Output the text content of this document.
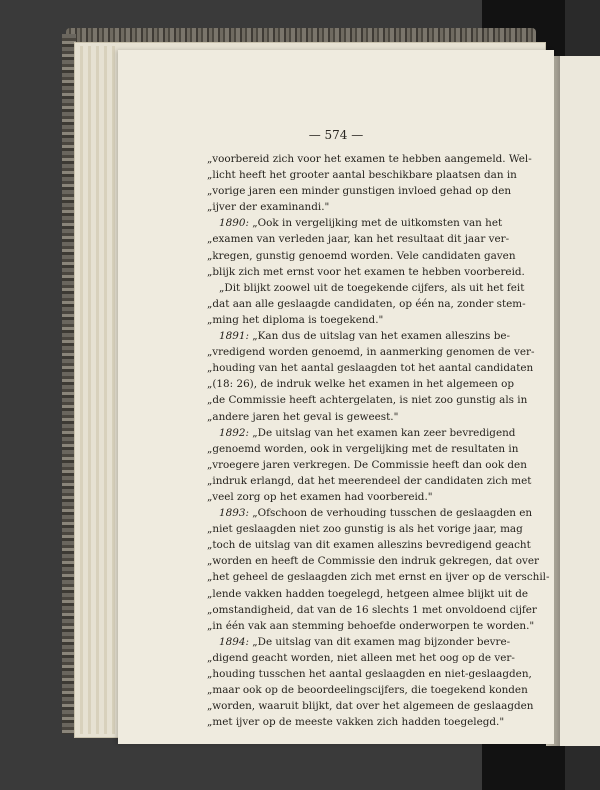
— 574 —
„voorbereid zich voor het examen te hebben aangemeld. Wel-
„licht heeft het grooter aantal beschikbare plaatsen dan in
„vorige jaren een minder gunstigen invloed gehad op den
„ijver der examinandi."
1890: „Ook in vergelijking met de uitkomsten van het
„examen van verleden jaar, kan het resultaat dit jaar ver-
„kregen, gunstig genoemd worden. Vele candidaten gaven
„blijk zich met ernst voor het examen te hebben voorbereid.
„Dit blijkt zoowel uit de toegekende cijfers, als uit het feit
„dat aan alle geslaagde candidaten, op één na, zonder stem-
„ming het diploma is toegekend."
1891: „Kan dus de uitslag van het examen alleszins be-
„vredigend worden genoemd, in aanmerking genomen de ver-
„houding van het aantal geslaagden tot het aantal candidaten
„(18: 26), de indruk welke het examen in het algemeen op
„de Commissie heeft achtergelaten, is niet zoo gunstig als in
„andere jaren het geval is geweest."
1892: „De uitslag van het examen kan zeer bevredigend
„genoemd worden, ook in vergelijking met de resultaten in
„vroegere jaren verkregen. De Commissie heeft dan ook den
„indruk erlangd, dat het meerendeel der candidaten zich met
„veel zorg op het examen had voorbereid."
1893: „Ofschoon de verhouding tusschen de geslaagden en
„niet geslaagden niet zoo gunstig is als het vorige jaar, mag
„toch de uitslag van dit examen alleszins bevredigend geacht
„worden en heeft de Commissie den indruk gekregen, dat over
„het geheel de geslaagden zich met ernst en ijver op de verschil-
„lende vakken hadden toegelegd, hetgeen almee blijkt uit de
„omstandigheid, dat van de 16 slechts 1 met onvoldoend cijfer
„in één vak aan stemming behoefde onderworpen te worden."
1894: „De uitslag van dit examen mag bijzonder bevre-
„digend geacht worden, niet alleen met het oog op de ver-
„houding tusschen het aantal geslaagden en niet-geslaagden,
„maar ook op de beoordeelingscijfers, die toegekend konden
„worden, waaruit blijkt, dat over het algemeen de geslaagden
„met ijver op de meeste vakken zich hadden toegelegd."
